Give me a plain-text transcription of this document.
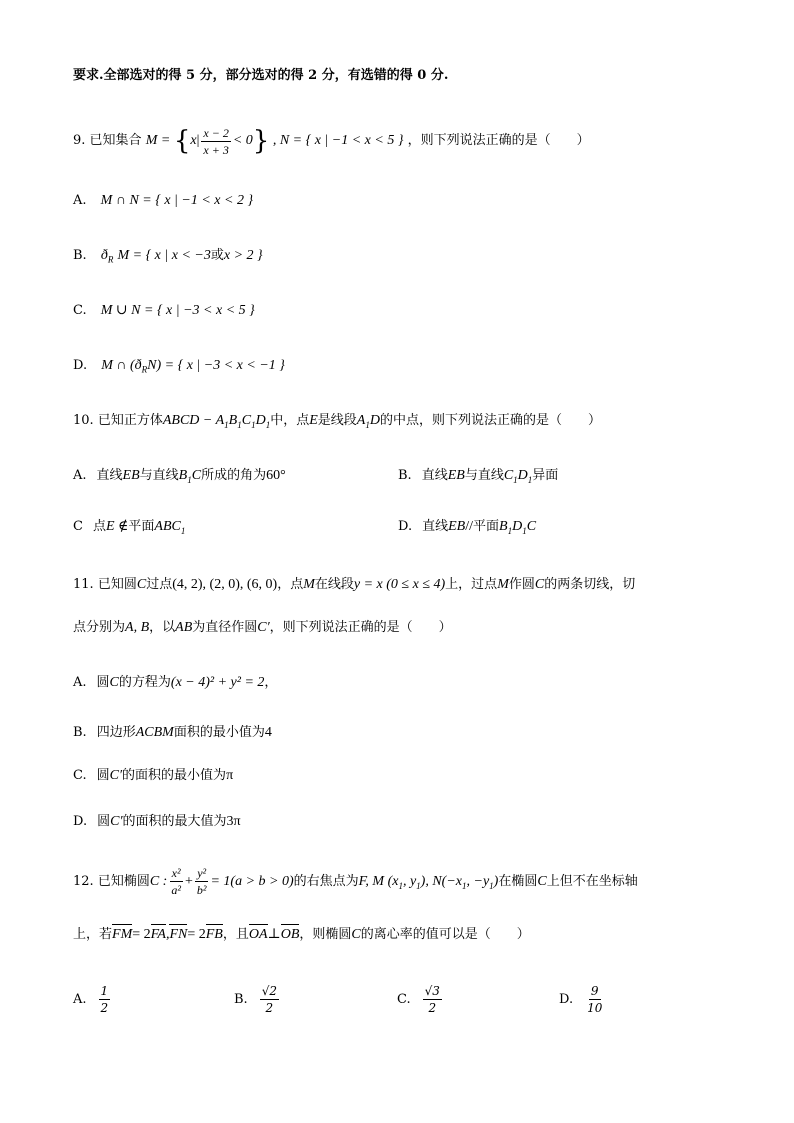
要求.全部选对的得 5 分，部分选对的得 2 分，有选错的得 0 分.
9. 已知集合 $M = \{x| \frac{x - 2}{x + 3} < 0\}$ , N = { x | −1 < x < 5 } ，则下列说法正确的是（　　）
A. M ∩ N = { x | −1 < x < 2 }
B. $ð_R$ M = { x | x < −3或x > 2 }
C. M ∪ N = { x | −3 < x < 5 }
D. M ∩ $(ð_RN)$ = { x | −3 < x < −1 }
10. 已知正方体ABCD − $A_1B_1C_1D_1$中，点E是线段$A_1D$的中点，则下列说法正确的是（　　）
A. 直线EB与直线$B_1C$所成的角为60°	B. 直线EB与直线$C_1D_1$异面
C 点E ∉平面$ABC_1$	D. 直线EB//平面$B_1D_1C$
11. 已知圆C过点(4, 2), (2, 0), (6, 0)，点M在线段y = x (0 ≤ x ≤ 4)上，过点M作圆C的两条切线，切
点分别为A, B，以AB为直径作圆C′，则下列说法正确的是（　　）
A. 圆C的方程为(x − 4)² + y² = 2，
B. 四边形ACBM面积的最小值为4
C. 圆C′的面积的最小值为π
D. 圆C′的面积的最大值为3π
12. 已知椭圆C : $\frac{\text{x²}}{\text{a²}} + \frac{\text{y²}}{\text{b²}} = 1(a > b > 0)$的右焦点为F, M ($x_1$, $y_1$), $N(-x_1$, $-y_1$)在椭圆C上但不在坐标轴
上，若FM= 2FA,FN= 2FB，且OA⊥OB，则椭圆C的离心率的值可以是（　　）
A. $\frac{1}{2}$	B. $\frac{√2}{2}$	C. $\frac{√3}{2}$	D. $\frac{9}{10}$
